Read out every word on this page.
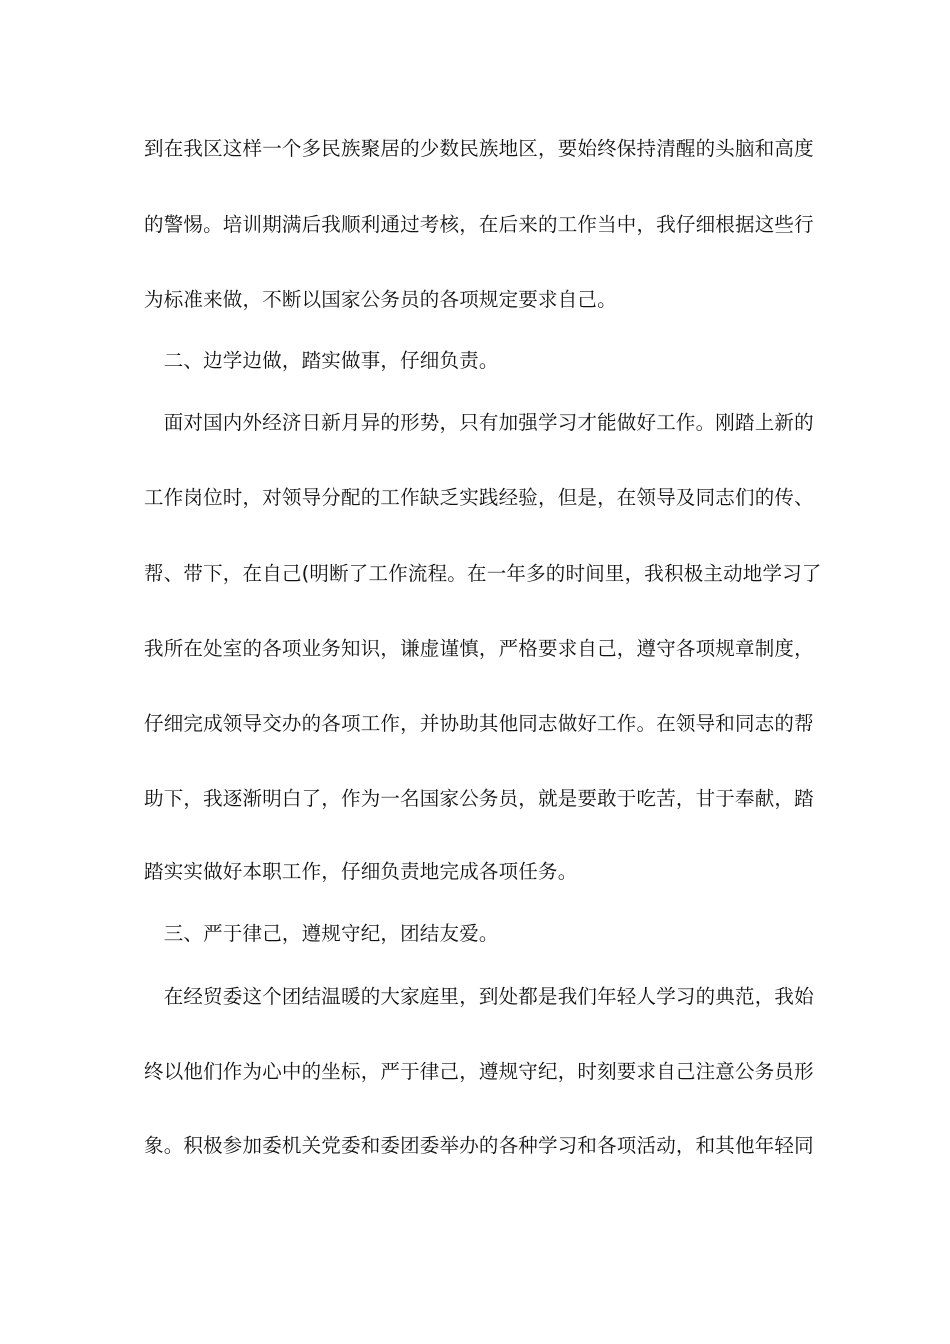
到在我区这样一个多民族聚居的少数民族地区，要始终保持清醒的头脑和高度
的警惕。培训期满后我顺利通过考核，在后来的工作当中，我仔细根据这些行
为标准来做，不断以国家公务员的各项规定要求自己。
　二、边学边做，踏实做事，仔细负责。
　面对国内外经济日新月异的形势，只有加强学习才能做好工作。刚踏上新的
工作岗位时，对领导分配的工作缺乏实践经验，但是，在领导及同志们的传、
帮、带下，在自己(明断了工作流程。在一年多的时间里，我积极主动地学习了
我所在处室的各项业务知识，谦虚谨慎，严格要求自己，遵守各项规章制度，
仔细完成领导交办的各项工作，并协助其他同志做好工作。在领导和同志的帮
助下，我逐渐明白了，作为一名国家公务员，就是要敢于吃苦，甘于奉献，踏
踏实实做好本职工作，仔细负责地完成各项任务。
　三、严于律己，遵规守纪，团结友爱。
　在经贸委这个团结温暖的大家庭里，到处都是我们年轻人学习的典范，我始
终以他们作为心中的坐标，严于律己，遵规守纪，时刻要求自己注意公务员形
象。积极参加委机关党委和委团委举办的各种学习和各项活动，和其他年轻同
